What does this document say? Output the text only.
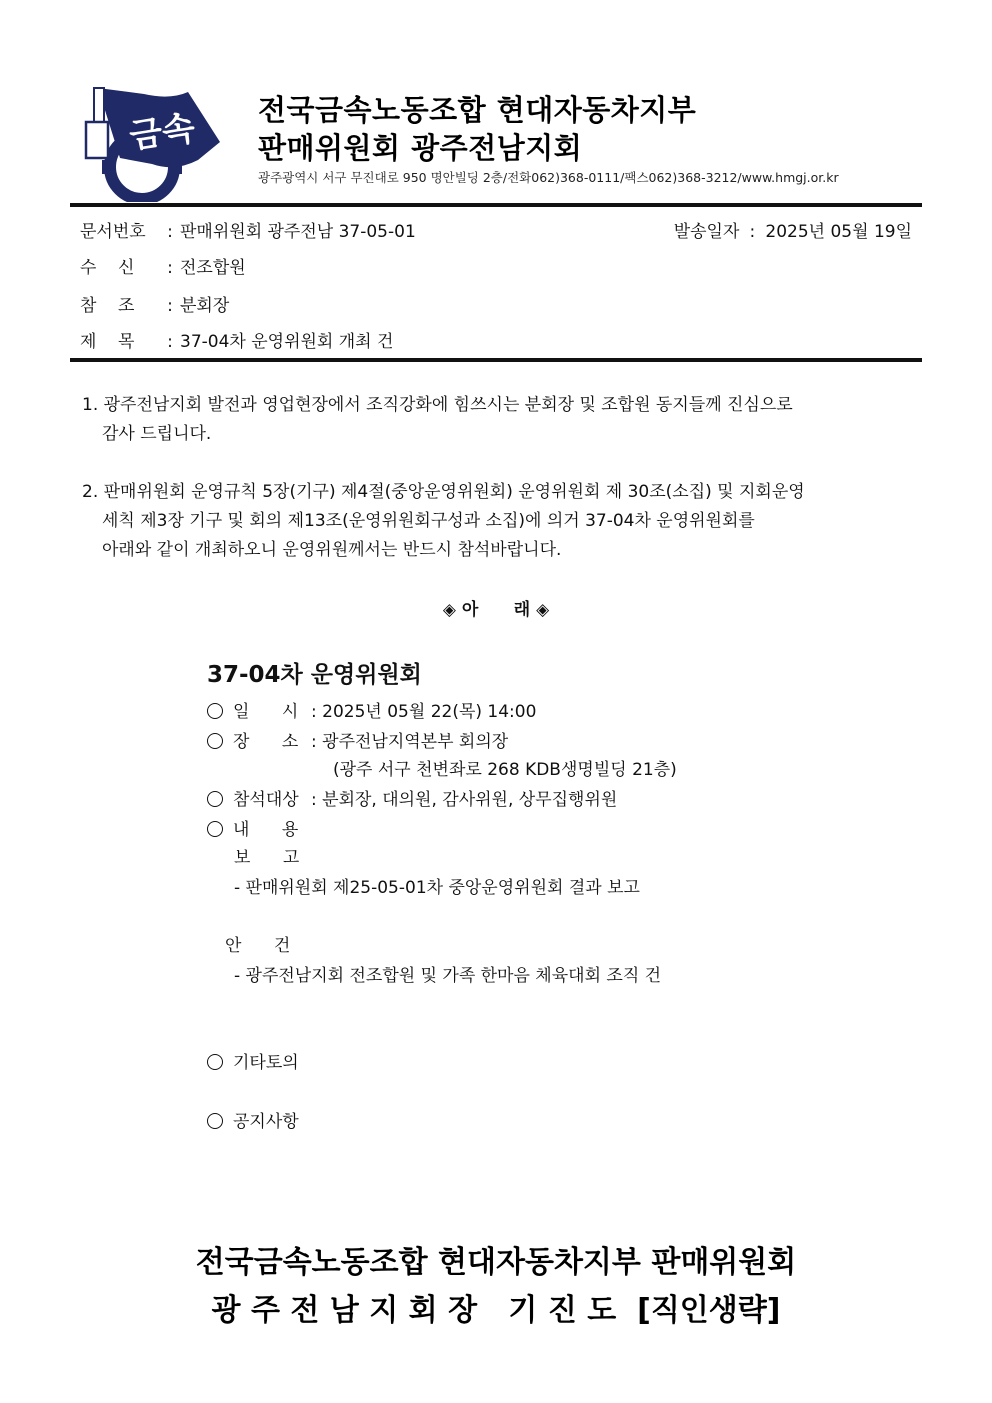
금속 전국금속노동조합 현대자동차지부
판매위원회 광주전남지회
광주광역시 서구 무진대로 950 명안빌딩 2층/전화062)368-0111/팩스062)368-3212/www.hmgj.or.kr
문서번호 : 판매위원회 광주전남 37-05-01	발송일자 : 2025년 05월 19일
수    신 : 전조합원
참    조 : 분회장
제    목 : 37-04차 운영위원회 개최 건
1. 광주전남지회 발전과 영업현장에서 조직강화에 힘쓰시는 분회장 및 조합원 동지들께 진심으로
감사 드립니다.
2. 판매위원회 운영규칙 5장(기구) 제4절(중앙운영위원회) 운영위원회 제 30조(소집) 및 지회운영
세칙 제3장 기구 및 회의 제13조(운영위원회구성과 소집)에 의거 37-04차 운영위원회를
아래와 같이 개최하오니 운영위원께서는 반드시 참석바랍니다.
◈ 아      래 ◈
37-04차 운영위원회
일      시 : 2025년 05월 22(목) 14:00
장      소 : 광주전남지역본부 회의장
(광주 서구 천변좌로 268 KDB생명빌딩 21층)
참석대상 : 분회장, 대의원, 감사위원, 상무집행위원
내      용
보      고
- 판매위원회 제25-05-01차 중앙운영위원회 결과 보고
안      건
- 광주전남지회 전조합원 및 가족 한마음 체육대회 조직 건
기타토의
공지사항
전국금속노동조합 현대자동차지부 판매위원회
광 주 전 남 지 회 장   기 진 도  [직인생략]
